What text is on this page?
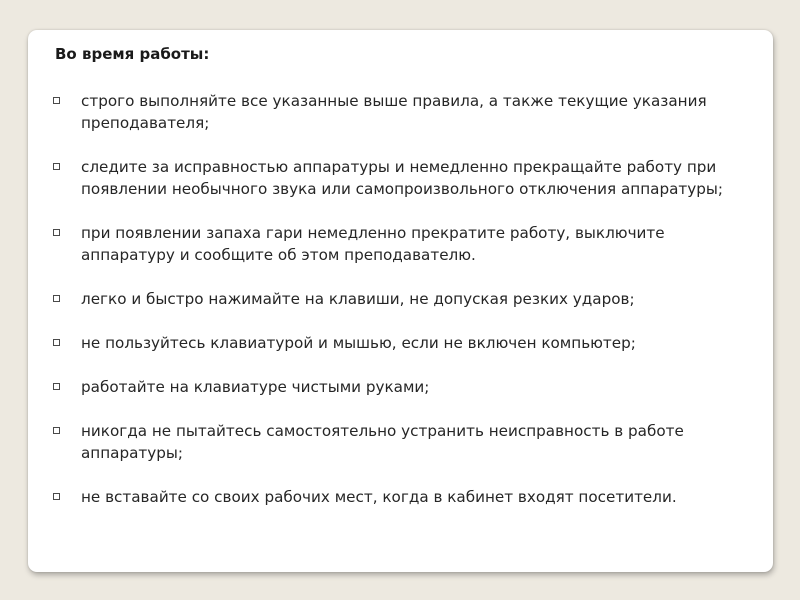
Во время работы:
строго выполняйте все указанные выше правила, а также текущие указания преподавателя;
следите за исправностью аппаратуры и немедленно прекращайте работу при появлении необычного звука или самопроизвольного отключения аппаратуры;
при появлении запаха гари немедленно прекратите работу, выключите аппаратуру и сообщите об этом преподавателю.
легко и быстро нажимайте на клавиши, не допуская резких ударов;
не пользуйтесь клавиатурой и мышью, если не включен компьютер;
работайте на клавиатуре чистыми руками;
никогда не пытайтесь самостоятельно устранить неисправность в работе аппаратуры;
не вставайте со своих рабочих мест, когда в кабинет входят посетители.
